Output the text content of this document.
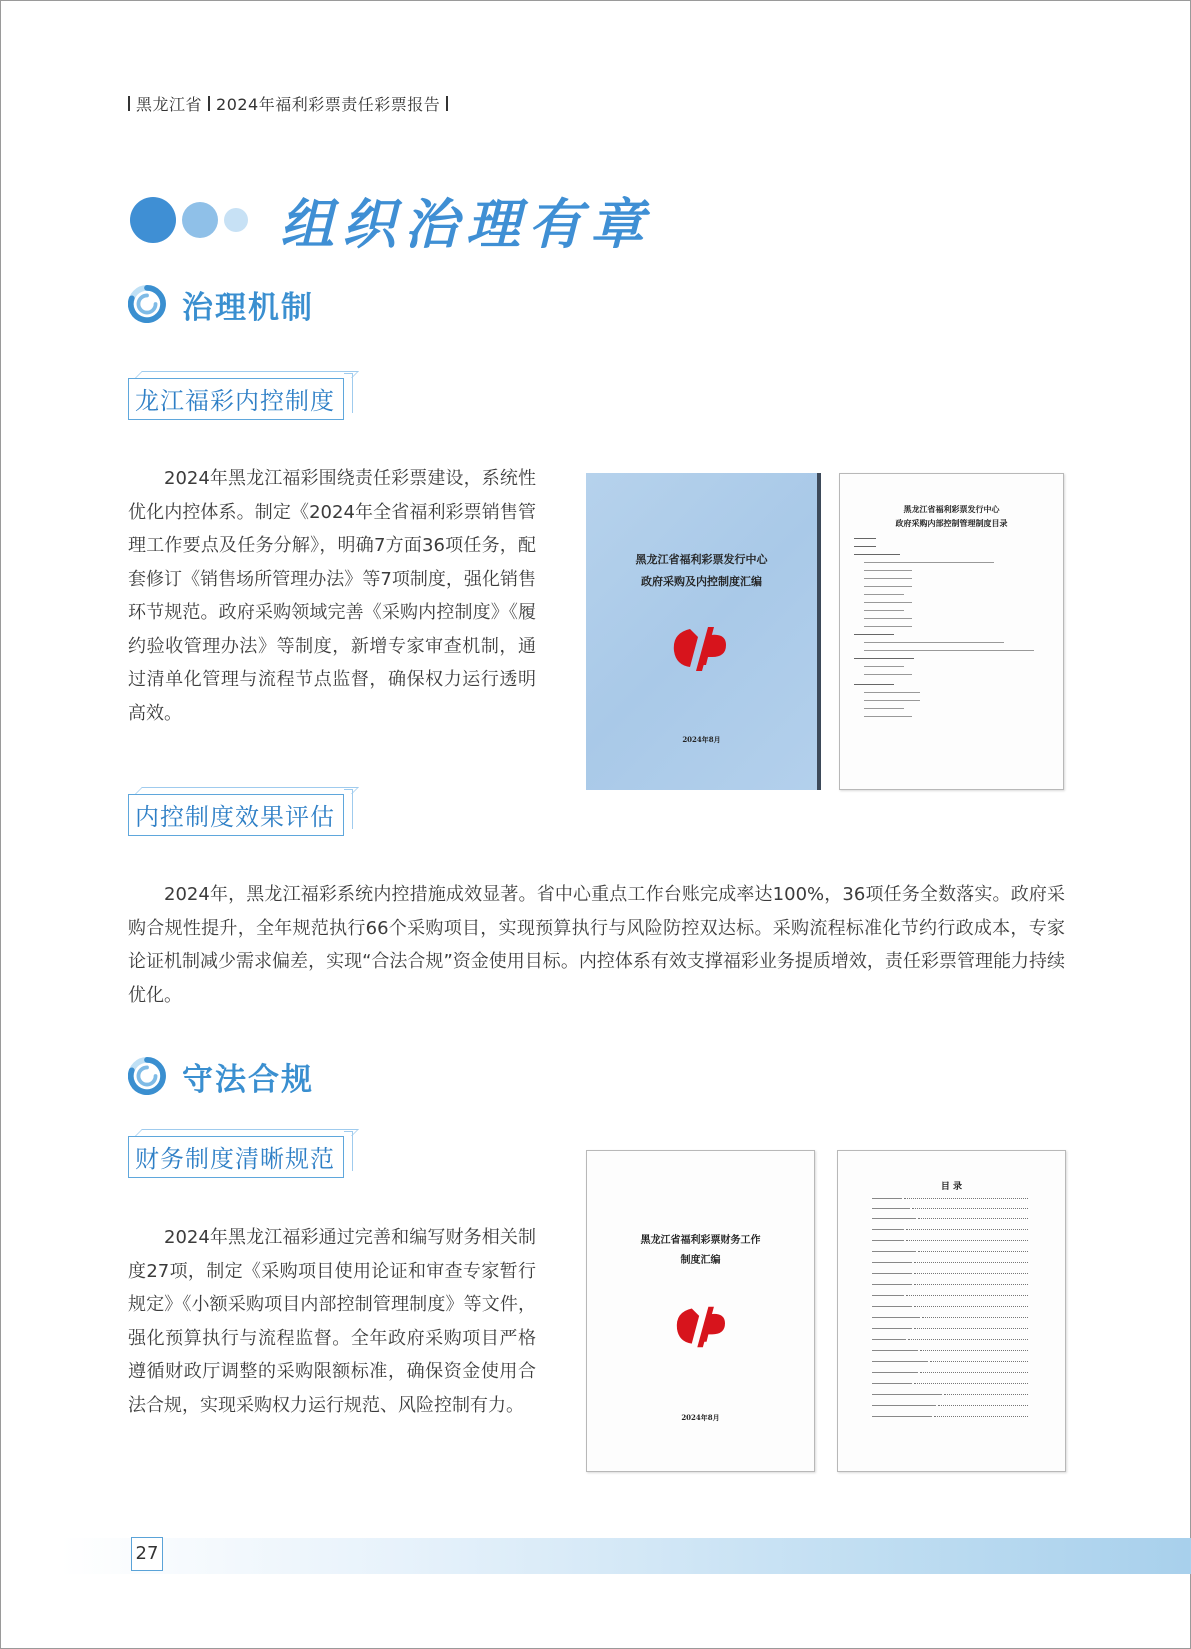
黑龙江省 2024年福利彩票责任彩票报告
组织治理有章
治理机制
龙江福彩内控制度
2024年黑龙江福彩围绕责任彩票建设，系统性优化内控体系。制定《2024年全省福利彩票销售管理工作要点及任务分解》，明确7方面36项任务，配套修订《销售场所管理办法》等7项制度，强化销售环节规范。政府采购领域完善《采购内控制度》《履约验收管理办法》等制度，新增专家审查机制，通过清单化管理与流程节点监督，确保权力运行透明高效。
黑龙江省福利彩票发行中心
政府采购及内控制度汇编
2024年8月
黑龙江省福利彩票发行中心
政府采购内部控制管理制度目录
内控制度效果评估
2024年，黑龙江福彩系统内控措施成效显著。省中心重点工作台账完成率达100%，36项任务全数落实。政府采购合规性提升，全年规范执行66个采购项目，实现预算执行与风险防控双达标。采购流程标准化节约行政成本，专家论证机制减少需求偏差，实现“合法合规”资金使用目标。内控体系有效支撑福彩业务提质增效，责任彩票管理能力持续优化。
守法合规
财务制度清晰规范
2024年黑龙江福彩通过完善和编写财务相关制度27项，制定《采购项目使用论证和审查专家暂行规定》《小额采购项目内部控制管理制度》等文件，强化预算执行与流程监督。全年政府采购项目严格遵循财政厅调整的采购限额标准，确保资金使用合法合规，实现采购权力运行规范、风险控制有力。
黑龙江省福利彩票财务工作
制度汇编
2024年8月
目 录
27
